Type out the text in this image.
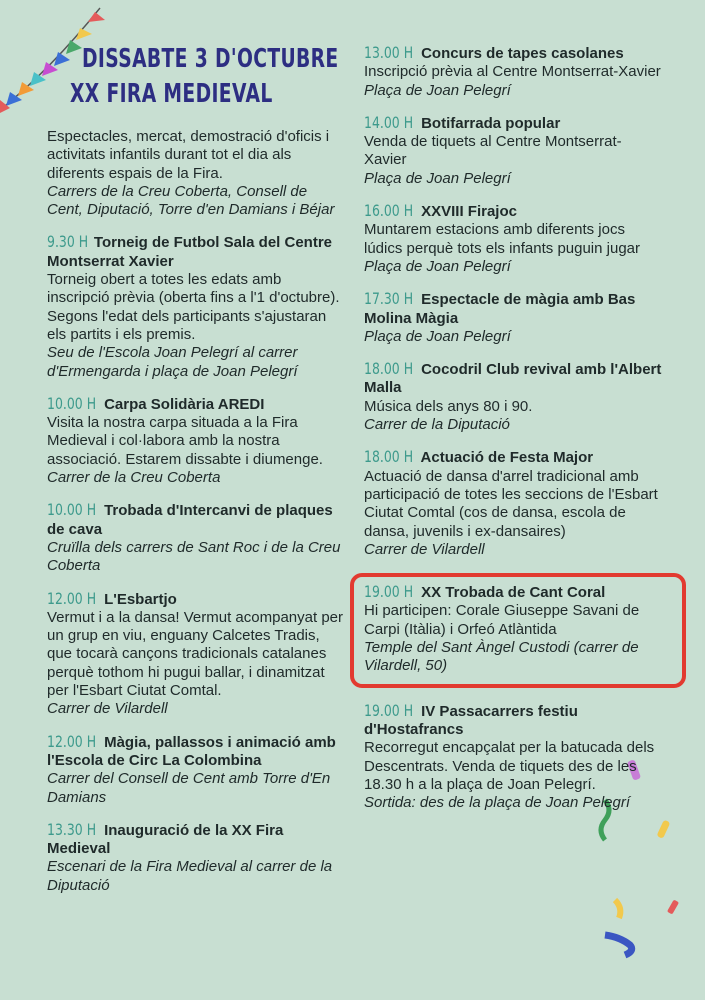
DISSABTE 3 D'OCTUBRE
XX FIRA MEDIEVAL
Espectacles, mercat, demostració d'oficis i activitats infantils durant tot el dia als diferents espais de la Fira.
Carrers de la Creu Coberta, Consell de Cent, Diputació, Torre d'en Damians i Béjar
9.30 H Torneig de Futbol Sala del Centre Montserrat Xavier
Torneig obert a totes les edats amb inscripció prèvia (oberta fins a l'1 d'octubre). Segons l'edat dels participants s'ajustaran els partits i els premis.
Seu de l'Escola Joan Pelegrí al carrer d'Ermengarda i plaça de Joan Pelegrí
10.00 H Carpa Solidària AREDI
Visita la nostra carpa situada a la Fira Medieval i col·labora amb la nostra associació. Estarem dissabte i diumenge.
Carrer de la Creu Coberta
10.00 H Trobada d'Intercanvi de plaques de cava
Cruïlla dels carrers de Sant Roc i de la Creu Coberta
12.00 H L'Esbartjo
Vermut i a la dansa! Vermut acompanyat per un grup en viu, enguany Calcetes Tradis, que tocarà cançons tradicionals catalanes perquè tothom hi pugui ballar, i dinamitzat per l'Esbart Ciutat Comtal.
Carrer de Vilardell
12.00 H Màgia, pallassos i animació amb l'Escola de Circ La Colombina
Carrer del Consell de Cent amb Torre d'En Damians
13.30 H Inauguració de la XX Fira Medieval
Escenari de la Fira Medieval al carrer de la Diputació
13.00 H Concurs de tapes casolanes
Inscripció prèvia al Centre Montserrat-Xavier
Plaça de Joan Pelegrí
14.00 H Botifarrada popular
Venda de tiquets al Centre Montserrat-Xavier
Plaça de Joan Pelegrí
16.00 H XXVIII Firajoc
Muntarem estacions amb diferents jocs lúdics perquè tots els infants puguin jugar
Plaça de Joan Pelegrí
17.30 H Espectacle de màgia amb Bas Molina Màgia
Plaça de Joan Pelegrí
18.00 H Cocodril Club revival amb l'Albert Malla
Música dels anys 80 i 90.
Carrer de la Diputació
18.00 H Actuació de Festa Major
Actuació de dansa d'arrel tradicional amb participació de totes les seccions de l'Esbart Ciutat Comtal (cos de dansa, escola de dansa, juvenils i ex-dansaires)
Carrer de Vilardell
19.00 H XX Trobada de Cant Coral
Hi participen: Corale Giuseppe Savani de Carpi (Itàlia) i Orfeó Atlàntida
Temple del Sant Àngel Custodi (carrer de Vilardell, 50)
19.00 H IV Passacarrers festiu d'Hostafrancs
Recorregut encapçalat per la batucada dels Descentrats. Venda de tiquets des de les 18.30 h a la plaça de Joan Pelegrí.
Sortida: des de la plaça de Joan Pelegrí
